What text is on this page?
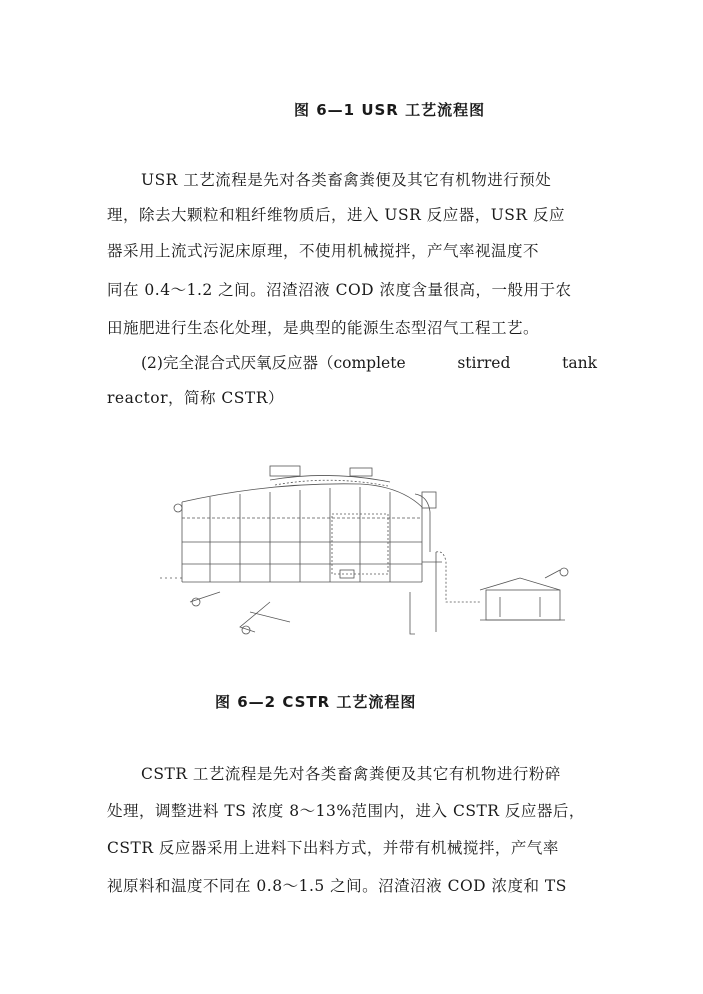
图 6—1 USR 工艺流程图
USR 工艺流程是先对各类畜禽粪便及其它有机物进行预处
理，除去大颗粒和粗纤维物质后，进入 USR 反应器，USR 反应
器采用上流式污泥床原理，不使用机械搅拌，产气率视温度不
同在 0.4～1.2 之间。沼渣沼液 COD 浓度含量很高，一般用于农
田施肥进行生态化处理，是典型的能源生态型沼气工程工艺。
(2)完全混合式厌氧反应器（complete	stirred	tank
reactor，简称 CSTR）
图 6—2 CSTR 工艺流程图
CSTR 工艺流程是先对各类畜禽粪便及其它有机物进行粉碎
处理，调整进料 TS 浓度 8～13%范围内，进入 CSTR 反应器后，
CSTR 反应器采用上进料下出料方式，并带有机械搅拌，产气率
视原料和温度不同在 0.8～1.5 之间。沼渣沼液 COD 浓度和 TS
